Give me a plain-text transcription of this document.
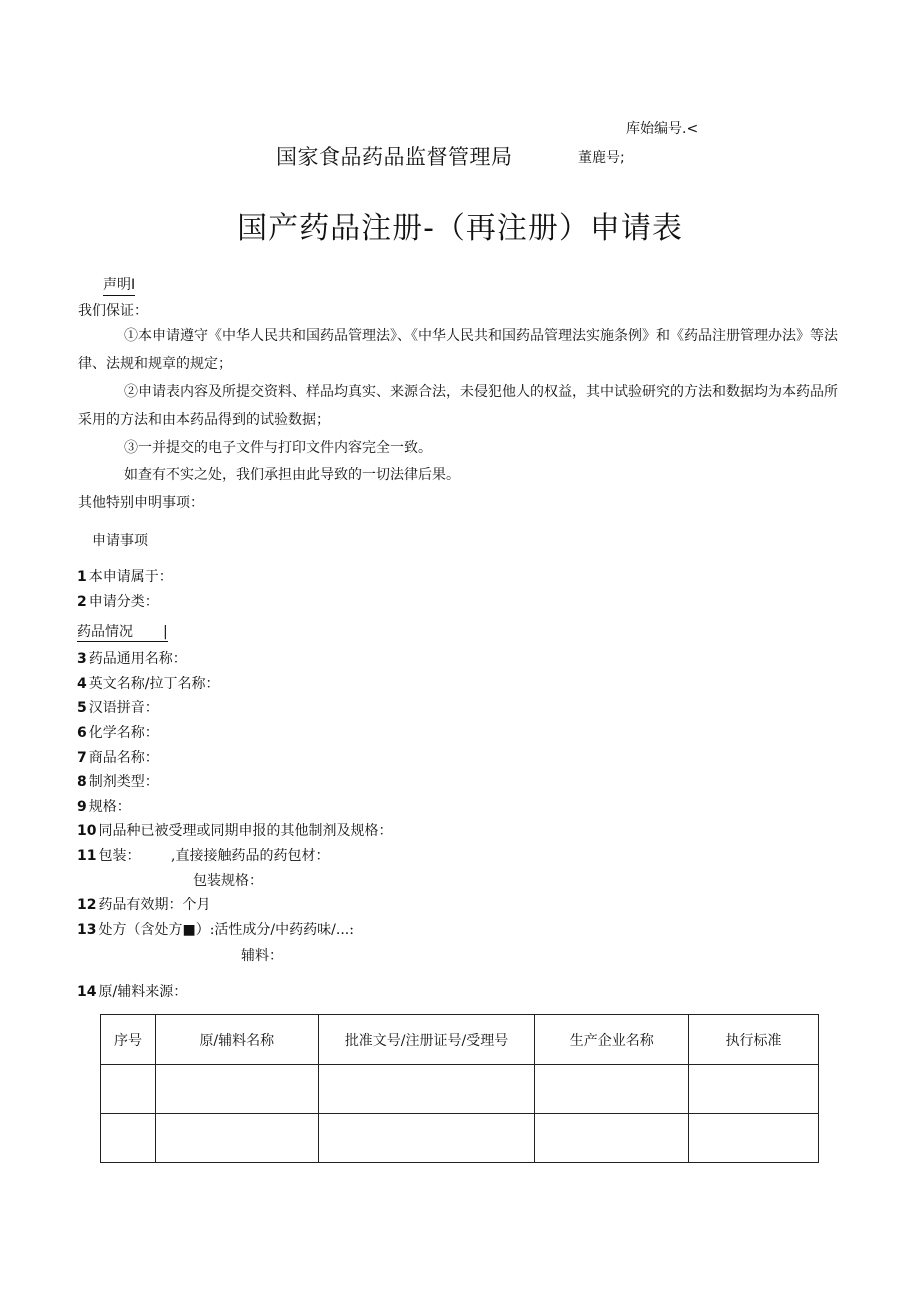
库始编号.<
国家食品药品监督管理局	董鹿号;
国产药品注册-（再注册）申请表
声明I
我们保证：
①本申请遵守《中华人民共和国药品管理法》、《中华人民共和国药品管理法实施条例》和《药品注册管理办法》等法律、法规和规章的规定；
②申请表内容及所提交资料、样品均真实、来源合法，未侵犯他人的权益，其中试验研究的方法和数据均为本药品所采用的方法和由本药品得到的试验数据；
③一并提交的电子文件与打印文件内容完全一致。
如查有不实之处，我们承担由此导致的一切法律后果。
其他特别申明事项：
申请事项
1 本申请属于：
2 申请分类：
药品情况 |
3 药品通用名称：
4 英文名称/拉丁名称：
5 汉语拼音：
6 化学名称：
7 商品名称：
8 制剂类型：
9 规格：
10 同品种已被受理或同期申报的其他制剂及规格：
11 包装： ,直接接触药品的药包材：
包装规格：
12 药品有效期：个月
13 处方（含处方■）:活性成分/中药药味/...:
辅料：
14 原/辅料来源：
序号	原/辅料名称	批准文号/注册证号/受理号	生产企业名称	执行标准
